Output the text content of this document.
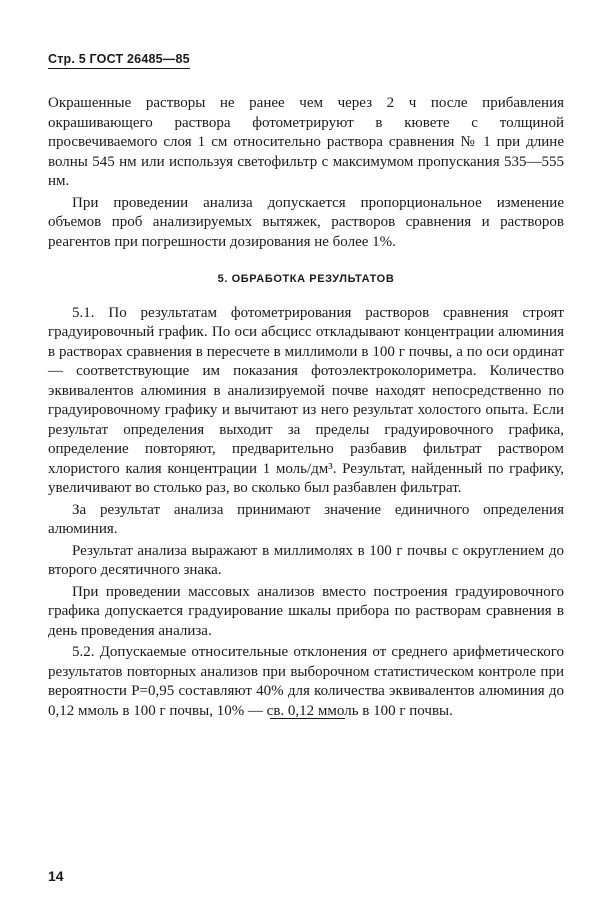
Стр. 5 ГОСТ 26485—85

Окрашенные растворы не ранее чем через 2 ч после прибавления окрашивающего раствора фотометрируют в кювете с толщиной просвечиваемого слоя 1 см относительно раствора сравнения № 1 при длине волны 545 нм или используя светофильтр с максимумом пропускания 535—555 нм.

При проведении анализа допускается пропорциональное изменение объемов проб анализируемых вытяжек, растворов сравнения и растворов реагентов при погрешности дозирования не более 1%.

5. ОБРАБОТКА РЕЗУЛЬТАТОВ

5.1. По результатам фотометрирования растворов сравнения строят градуировочный график. По оси абсцисс откладывают концентрации алюминия в растворах сравнения в пересчете в миллимоли в 100 г почвы, а по оси ординат — соответствующие им показания фотоэлектроколориметра. Количество эквивалентов алюминия в анализируемой почве находят непосредственно по градуировочному графику и вычитают из него результат холостого опыта. Если результат определения выходит за пределы градуировочного графика, определение повторяют, предварительно разбавив фильтрат раствором хлористого калия концентрации 1 моль/дм³. Результат, найденный по графику, увеличивают во столько раз, во сколько был разбавлен фильтрат.

За результат анализа принимают значение единичного определения алюминия.

Результат анализа выражают в миллимолях в 100 г почвы с округлением до второго десятичного знака.

При проведении массовых анализов вместо построения градуировочного графика допускается градуирование шкалы прибора по растворам сравнения в день проведения анализа.

5.2. Допускаемые относительные отклонения от среднего арифметического результатов повторных анализов при выборочном статистическом контроле при вероятности P=0,95 составляют 40% для количества эквивалентов алюминия до 0,12 ммоль в 100 г почвы, 10% — св. 0,12 ммоль в 100 г почвы.

14
